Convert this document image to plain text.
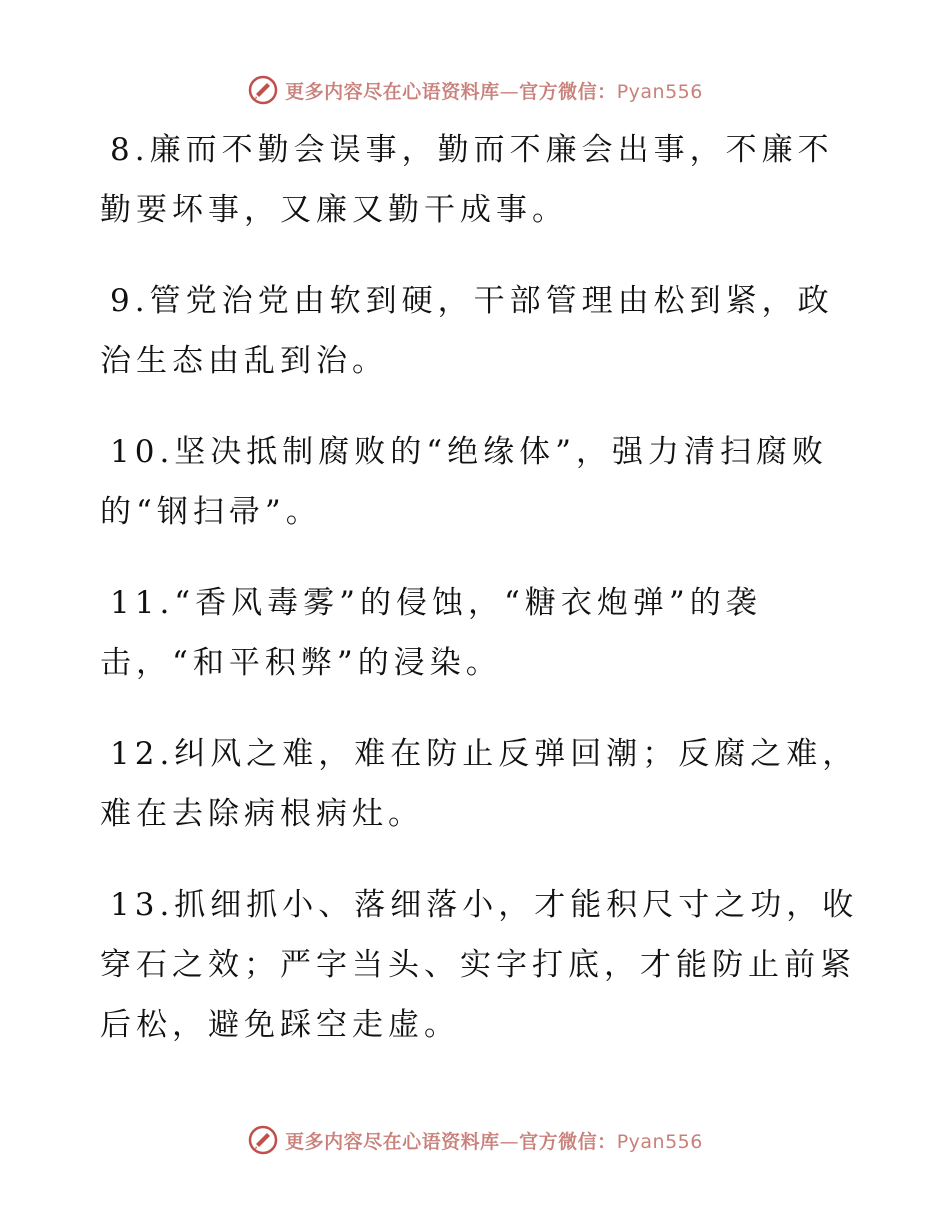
更多内容尽在心语资料库—官方微信：Pyan556

8.廉而不勤会误事，勤而不廉会出事，不廉不勤要坏事，又廉又勤干成事。

9.管党治党由软到硬，干部管理由松到紧，政治生态由乱到治。

10.坚决抵制腐败的“绝缘体”，强力清扫腐败的“钢扫帚”。

11.“香风毒雾”的侵蚀，“糖衣炮弹”的袭击，“和平积弊”的浸染。

12.纠风之难，难在防止反弹回潮；反腐之难，难在去除病根病灶。

13.抓细抓小、落细落小，才能积尺寸之功，收穿石之效；严字当头、实字打底，才能防止前紧后松，避免踩空走虚。

更多内容尽在心语资料库—官方微信：Pyan556
